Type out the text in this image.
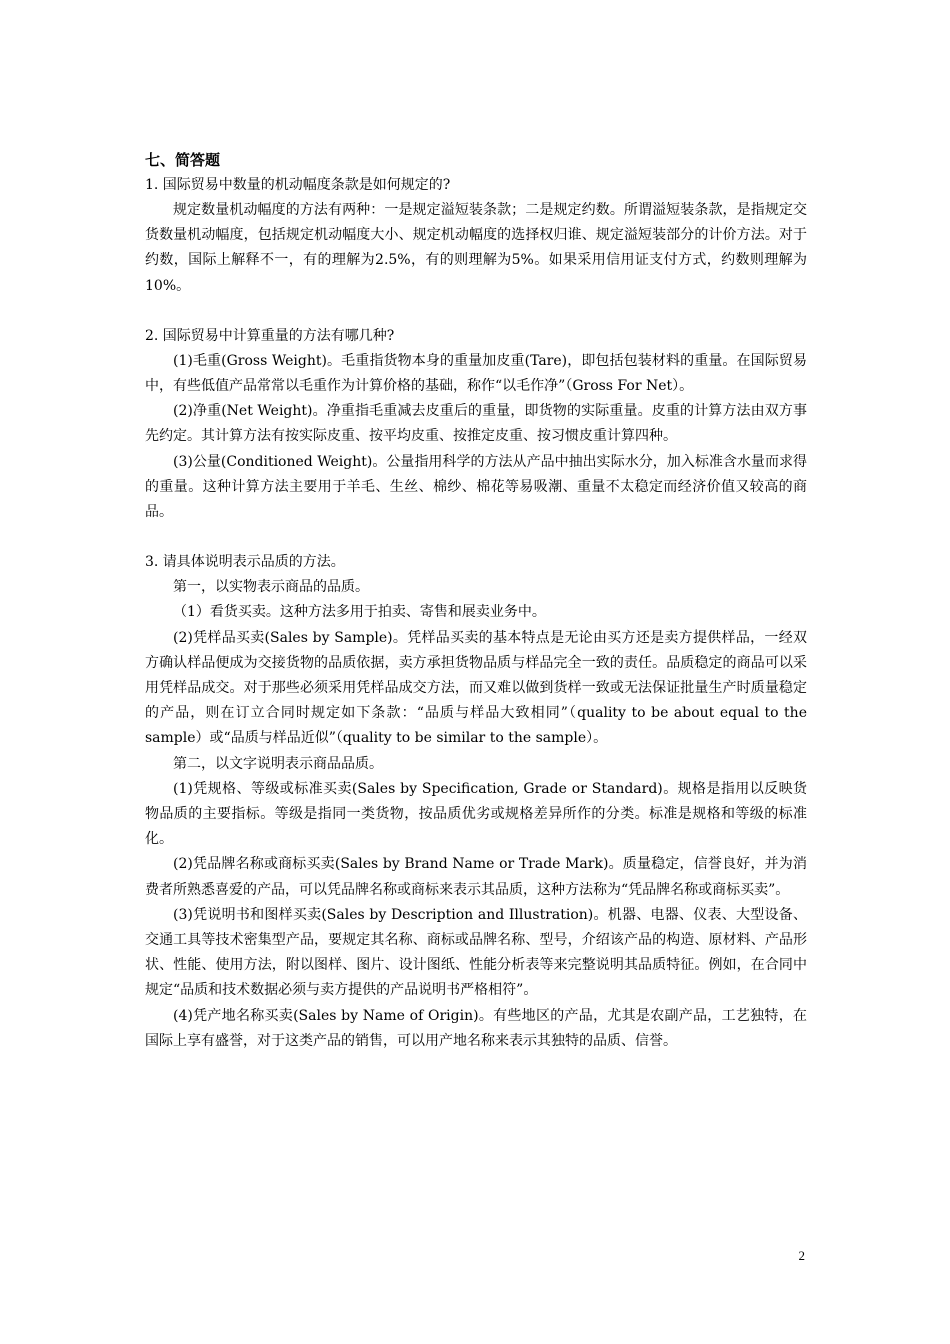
七、简答题
1. 国际贸易中数量的机动幅度条款是如何规定的?
规定数量机动幅度的方法有两种：一是规定溢短装条款；二是规定约数。所谓溢短装条款，是指规定交货数量机动幅度，包括规定机动幅度大小、规定机动幅度的选择权归谁、规定溢短装部分的计价方法。对于约数，国际上解释不一，有的理解为2.5%，有的则理解为5%。如果采用信用证支付方式，约数则理解为10%。
2. 国际贸易中计算重量的方法有哪几种?
(1)毛重(Gross Weight)。毛重指货物本身的重量加皮重(Tare)，即包括包装材料的重量。在国际贸易中，有些低值产品常常以毛重作为计算价格的基础，称作“以毛作净”（Gross For Net）。
(2)净重(Net Weight)。净重指毛重减去皮重后的重量，即货物的实际重量。皮重的计算方法由双方事先约定。其计算方法有按实际皮重、按平均皮重、按推定皮重、按习惯皮重计算四种。
(3)公量(Conditioned Weight)。公量指用科学的方法从产品中抽出实际水分，加入标准含水量而求得的重量。这种计算方法主要用于羊毛、生丝、棉纱、棉花等易吸潮、重量不太稳定而经济价值又较高的商品。
3. 请具体说明表示品质的方法。
第一，以实物表示商品的品质。
（1）看货买卖。这种方法多用于拍卖、寄售和展卖业务中。
(2)凭样品买卖(Sales by Sample)。凭样品买卖的基本特点是无论由买方还是卖方提供样品，一经双方确认样品便成为交接货物的品质依据，卖方承担货物品质与样品完全一致的责任。品质稳定的商品可以采用凭样品成交。对于那些必须采用凭样品成交方法，而又难以做到货样一致或无法保证批量生产时质量稳定的产品，则在订立合同时规定如下条款：“品质与样品大致相同”（quality to be about equal to the sample）或“品质与样品近似”（quality to be similar to the sample）。
第二，以文字说明表示商品品质。
(1)凭规格、等级或标准买卖(Sales by Specification, Grade or Standard)。规格是指用以反映货物品质的主要指标。等级是指同一类货物，按品质优劣或规格差异所作的分类。标准是规格和等级的标准化。
(2)凭品牌名称或商标买卖(Sales by Brand Name or Trade Mark)。质量稳定，信誉良好，并为消费者所熟悉喜爱的产品，可以凭品牌名称或商标来表示其品质，这种方法称为“凭品牌名称或商标买卖”。
(3)凭说明书和图样买卖(Sales by Description and Illustration)。机器、电器、仪表、大型设备、交通工具等技术密集型产品，要规定其名称、商标或品牌名称、型号，介绍该产品的构造、原材料、产品形状、性能、使用方法，附以图样、图片、设计图纸、性能分析表等来完整说明其品质特征。例如，在合同中规定“品质和技术数据必须与卖方提供的产品说明书严格相符”。
(4)凭产地名称买卖(Sales by Name of Origin)。有些地区的产品，尤其是农副产品，工艺独特，在国际上享有盛誉，对于这类产品的销售，可以用产地名称来表示其独特的品质、信誉。
2
